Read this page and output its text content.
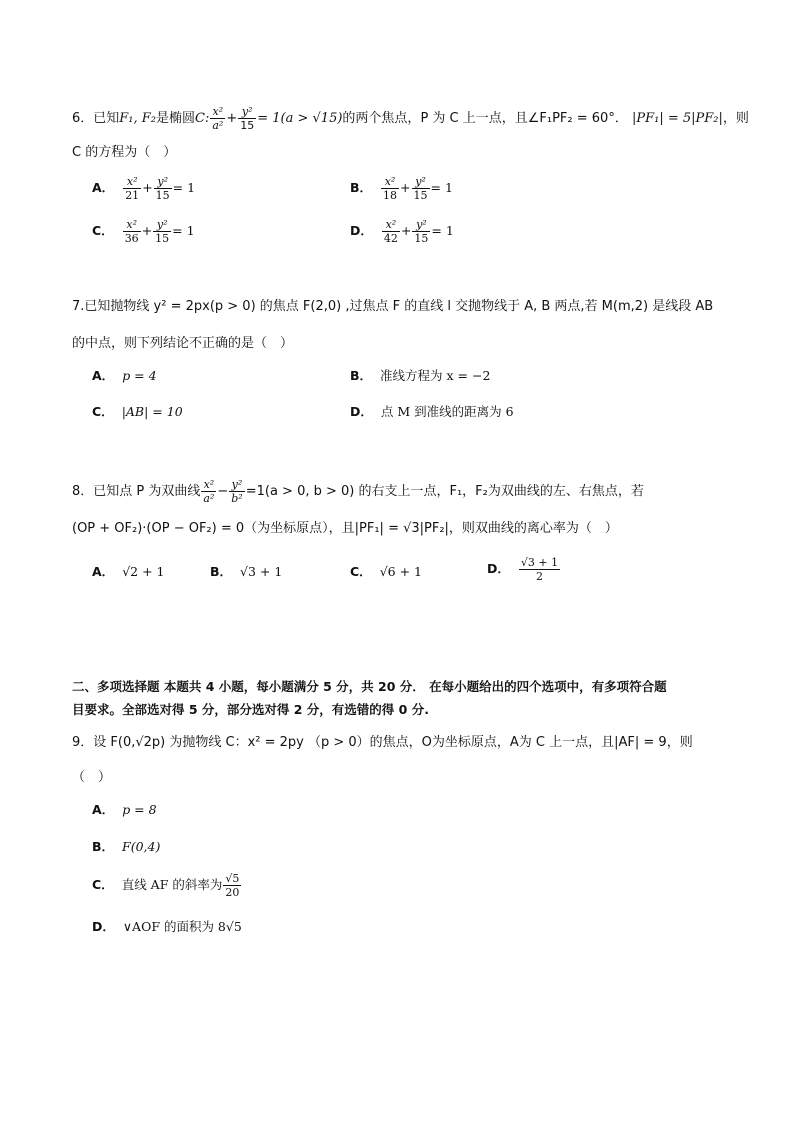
6．已知F₁, F₂是椭圆C: $\frac{\text{x²}}{\text{a²}} + \frac{\text{y²}}{15} = 1(a > √15)$的两个焦点，P 为 C 上一点，且∠F₁PF₂ = 60°． |PF₁| = 5|PF₂|，则
C 的方程为（　）
A． $\frac{\text{x²}}{21} + \frac{\text{y²}}{15} = 1$	B． $\frac{\text{x²}}{18} + \frac{\text{y²}}{15} = 1$
C． $\frac{\text{x²}}{36} + \frac{\text{y²}}{15} = 1$	D． $\frac{\text{x²}}{42} + \frac{\text{y²}}{15} = 1$
7.已知抛物线 y² = 2px(p > 0) 的焦点 F(2,0) ,过焦点 F 的直线 l 交抛物线于 A, B 两点,若 M(m,2) 是线段 AB
的中点，则下列结论不正确的是（　）
A． p = 4	B． 准线方程为 x = −2
C． |AB| = 10	D． 点 M 到准线的距离为 6
8．已知点 P 为双曲线 $\frac{\text{x²}}{\text{a²}} - \frac{\text{y²}}{\text{b²}} =1(a > 0$, b > 0) 的右支上一点，F₁，F₂为双曲线的左、右焦点，若
(OP + OF₂)·(OP − OF₂) = 0（为坐标原点），且|PF₁| = √3|PF₂|，则双曲线的离心率为（　）
A． √2 + 1	B． √3 + 1	C． √6 + 1	D． $\frac{√3 + 1}{2}$
二、多项选择题 本题共 4 小题，每小题满分 5 分，共 20 分． 在每小题给出的四个选项中，有多项符合题
目要求。全部选对得 5 分，部分选对得 2 分，有选错的得 0 分.
9．设 F(0,√2p) 为抛物线 C：x² = 2py （p > 0）的焦点，O为坐标原点，A为 C 上一点，且|AF| = 9，则
（　）
A． p = 8
B． F(0,4)
C． 直线 AF 的斜率为 $\frac{√5}{20}$
D． ∨AOF 的面积为 8√5
